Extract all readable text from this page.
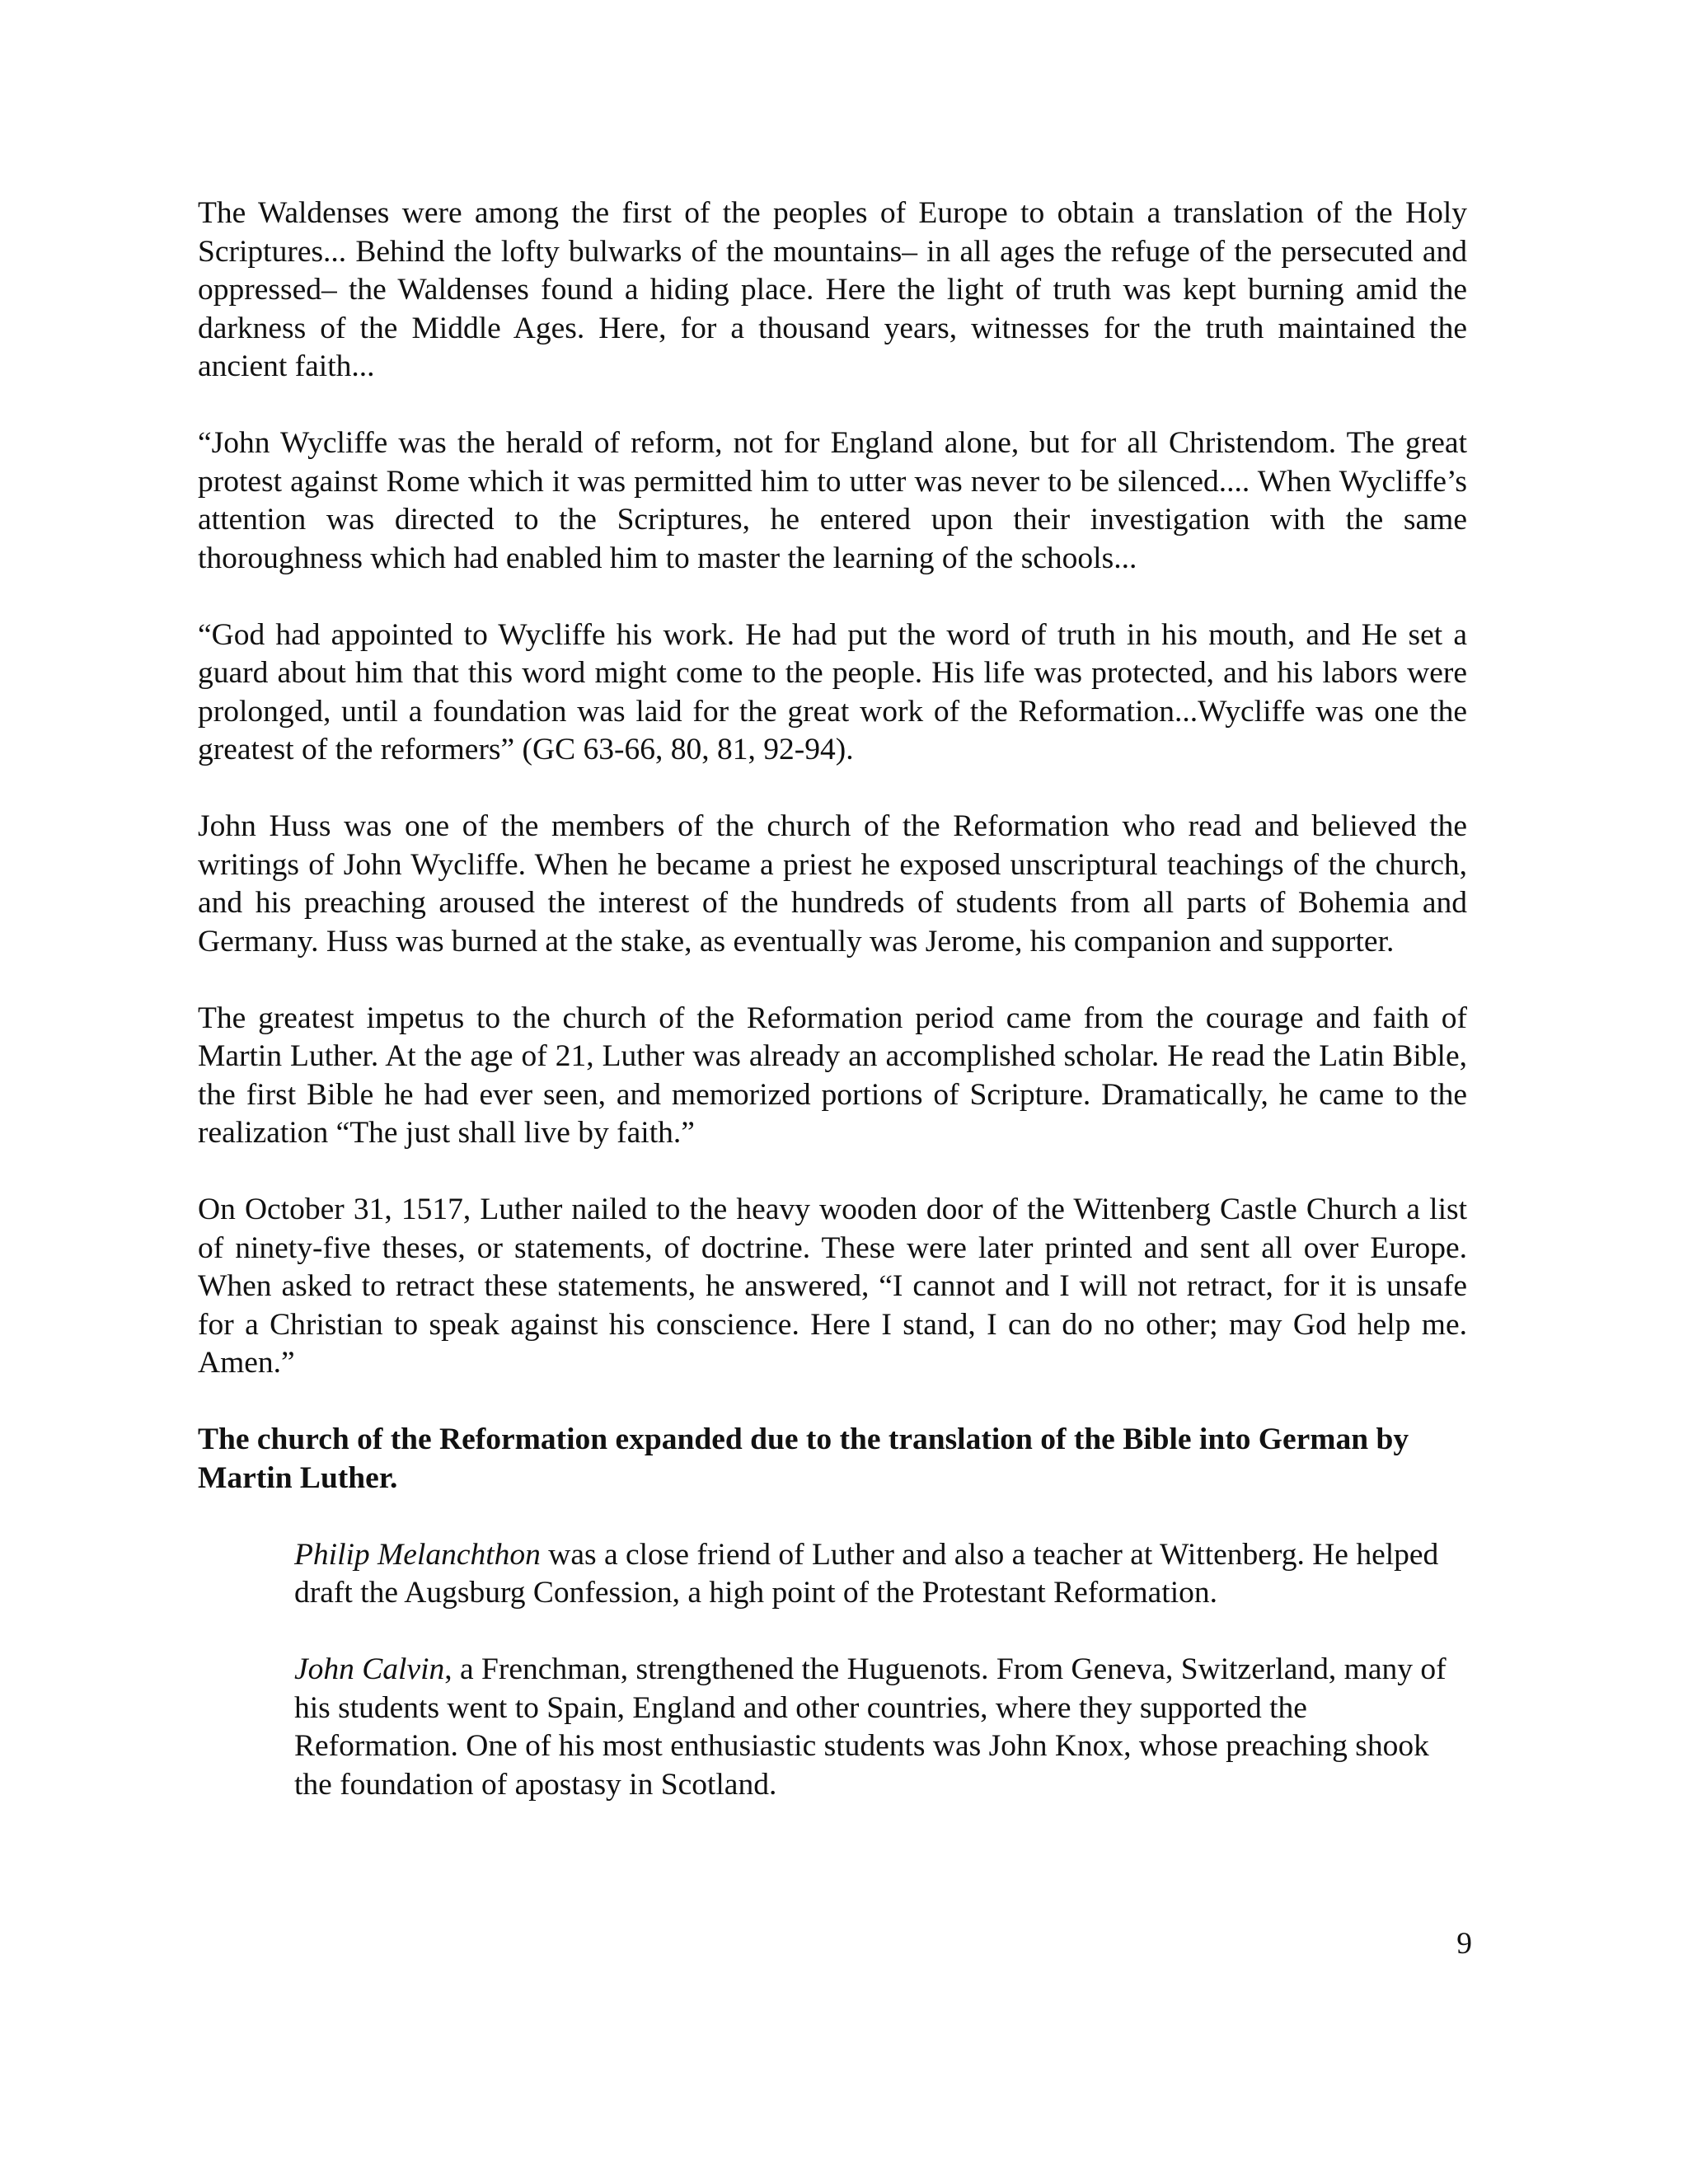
The Waldenses were among the first of the peoples of Europe to obtain a translation of the Holy Scriptures... Behind the lofty bulwarks of the mountains– in all ages the refuge of the persecuted and oppressed– the Waldenses found a hiding place. Here the light of truth was kept burning amid the darkness of the Middle Ages. Here, for a thousand years, witnesses for the truth maintained the ancient faith...

“John Wycliffe was the herald of reform, not for England alone, but for all Christendom. The great protest against Rome which it was permitted him to utter was never to be silenced.... When Wycliffe’s attention was directed to the Scriptures, he entered upon their investigation with the same thoroughness which had enabled him to master the learning of the schools...

“God had appointed to Wycliffe his work. He had put the word of truth in his mouth, and He set a guard about him that this word might come to the people. His life was protected, and his labors were prolonged, until a foundation was laid for the great work of the Reformation...Wycliffe was one the greatest of the reformers” (GC 63-66, 80, 81, 92-94).

John Huss was one of the members of the church of the Reformation who read and believed the writings of John Wycliffe. When he became a priest he exposed unscriptural teachings of the church, and his preaching aroused the interest of the hundreds of students from all parts of Bohemia and Germany. Huss was burned at the stake, as eventually was Jerome, his companion and supporter.

The greatest impetus to the church of the Reformation period came from the courage and faith of Martin Luther. At the age of 21, Luther was already an accomplished scholar. He read the Latin Bible, the first Bible he had ever seen, and memorized portions of Scripture. Dramatically, he came to the realization “The just shall live by faith.”

On October 31, 1517, Luther nailed to the heavy wooden door of the Wittenberg Castle Church a list of ninety-five theses, or statements, of doctrine. These were later printed and sent all over Europe. When asked to retract these statements, he answered, “I cannot and I will not retract, for it is unsafe for a Christian to speak against his conscience. Here I stand, I can do no other; may God help me. Amen.”

The church of the Reformation expanded due to the translation of the Bible into German by Martin Luther.

Philip Melanchthon was a close friend of Luther and also a teacher at Wittenberg. He helped draft the Augsburg Confession, a high point of the Protestant Reformation.

John Calvin, a Frenchman, strengthened the Huguenots. From Geneva, Switzerland, many of his students went to Spain, England and other countries, where they supported the Reformation. One of his most enthusiastic students was John Knox, whose preaching shook the foundation of apostasy in Scotland.

9
